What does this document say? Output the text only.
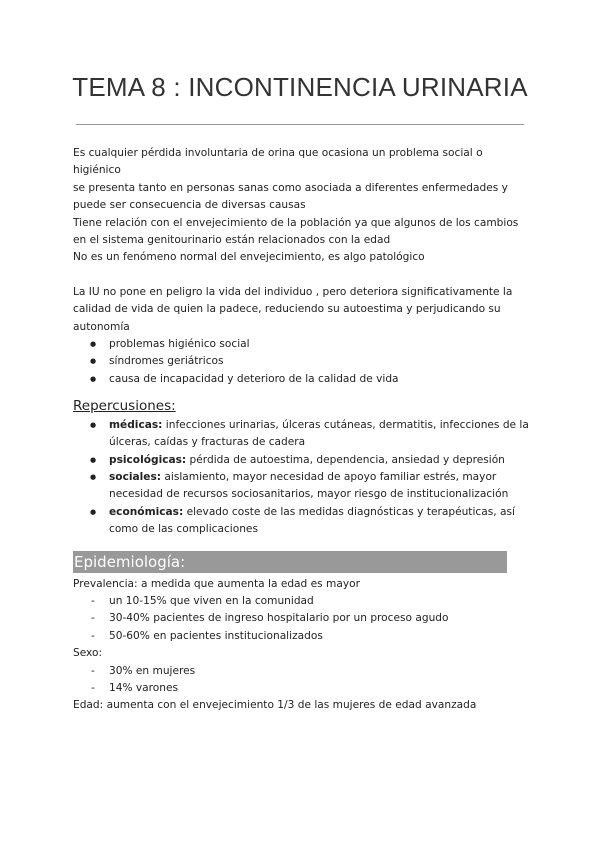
TEMA 8 : INCONTINENCIA URINARIA

Es cualquier pérdida involuntaria de orina que ocasiona un problema social o higiénico

se presenta tanto en personas sanas como asociada a diferentes enfermedades y puede ser consecuencia de diversas causas

Tiene relación con el envejecimiento de la población ya que algunos de los cambios en el sistema genitourinario están relacionados con la edad

No es un fenómeno normal del envejecimiento, es algo patológico

La IU no pone en peligro la vida del individuo , pero deteriora significativamente la calidad de vida de quien la padece, reduciendo su autoestima y perjudicando su autonomía

● problemas higiénico social
● síndromes geriátricos
● causa de incapacidad y deterioro de la calidad de vida
Repercusiones:
● médicas: infecciones urinarias, úlceras cutáneas, dermatitis, infecciones de la úlceras, caídas y fracturas de cadera
● psicológicas: pérdida de autoestima, dependencia, ansiedad y depresión
● sociales: aislamiento, mayor necesidad de apoyo familiar estrés, mayor necesidad de recursos sociosanitarios, mayor riesgo de institucionalización
● económicas: elevado coste de las medidas diagnósticas y terapéuticas, así como de las complicaciones
Epidemiología:

Prevalencia: a medida que aumenta la edad es mayor

- un 10-15% que viven en la comunidad
- 30-40% pacientes de ingreso hospitalario por un proceso agudo
- 50-60% en pacientes institucionalizados

Sexo:

- 30% en mujeres
- 14% varones

Edad: aumenta con el envejecimiento 1/3 de las mujeres de edad avanzada
